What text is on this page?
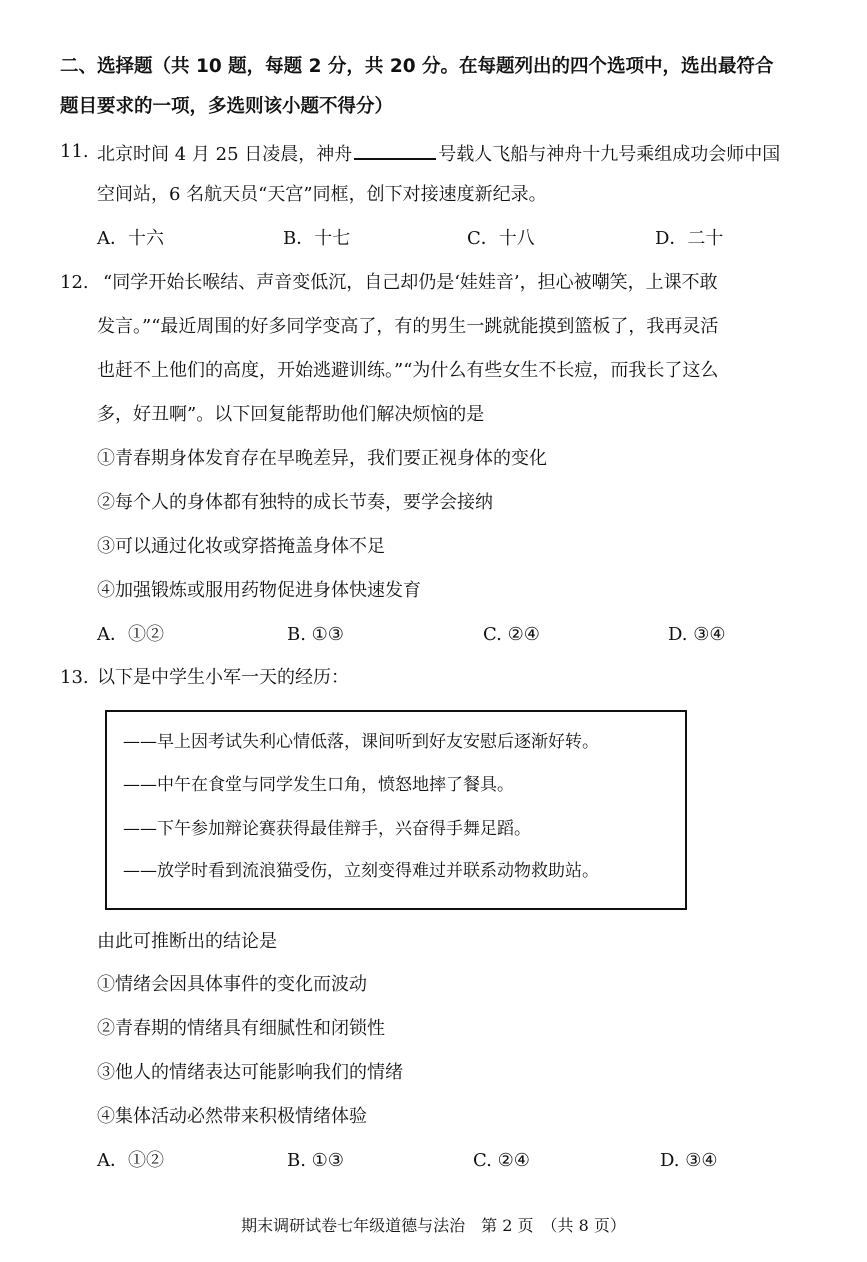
二、选择题（共 10 题，每题 2 分，共 20 分。在每题列出的四个选项中，选出最符合
题目要求的一项，多选则该小题不得分）
11. 北京时间 4 月 25 日凌晨，神舟	号载人飞船与神舟十九号乘组成功会师中国
空间站，6 名航天员“天宫”同框，创下对接速度新纪录。
A．十六	B．十七	C．十八	D．二十
12. “同学开始长喉结、声音变低沉，自己却仍是‘娃娃音’，担心被嘲笑，上课不敢
发言。”“最近周围的好多同学变高了，有的男生一跳就能摸到篮板了，我再灵活
也赶不上他们的高度，开始逃避训练。”“为什么有些女生不长痘，而我长了这么
多，好丑啊”。以下回复能帮助他们解决烦恼的是
①青春期身体发育存在早晚差异，我们要正视身体的变化
②每个人的身体都有独特的成长节奏，要学会接纳
③可以通过化妆或穿搭掩盖身体不足
④加强锻炼或服用药物促进身体快速发育
A．①②	B. ①③	C. ②④	D. ③④
13. 以下是中学生小军一天的经历：
——早上因考试失利心情低落，课间听到好友安慰后逐渐好转。
——中午在食堂与同学发生口角，愤怒地摔了餐具。
——下午参加辩论赛获得最佳辩手，兴奋得手舞足蹈。
——放学时看到流浪猫受伤，立刻变得难过并联系动物救助站。
由此可推断出的结论是
①情绪会因具体事件的变化而波动
②青春期的情绪具有细腻性和闭锁性
③他人的情绪表达可能影响我们的情绪
④集体活动必然带来积极情绪体验
A．①②	B. ①③	C. ②④	D. ③④
期末调研试卷七年级道德与法治　第 2 页　（共 8 页）
